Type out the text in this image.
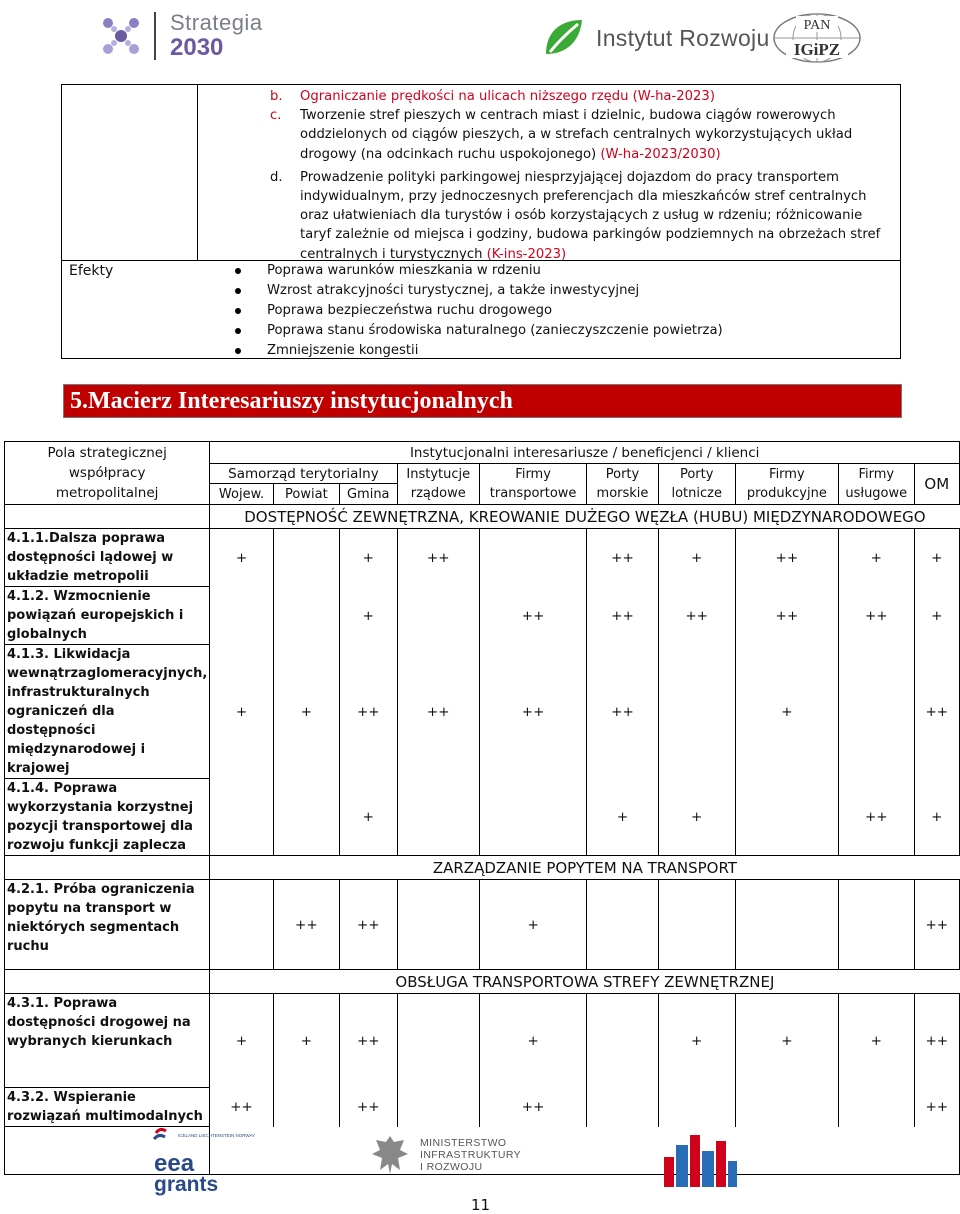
Strategia
2030	Instytut Rozwoju PAN
IGiPZ
b. Ograniczanie prędkości na ulicach niższego rzędu (W-ha-2023)
c. Tworzenie stref pieszych w centrach miast i dzielnic, budowa ciągów rowerowych oddzielonych od ciągów pieszych, a w strefach centralnych wykorzystujących układ drogowy (na odcinkach ruchu uspokojonego) (W-ha-2023/2030)
d. Prowadzenie polityki parkingowej niesprzyjającej dojazdom do pracy transportem indywidualnym, przy jednoczesnych preferencjach dla mieszkańców stref centralnych oraz ułatwieniach dla turystów i osób korzystających z usług w rdzeniu; różnicowanie taryf zależnie od miejsca i godziny, budowa parkingów podziemnych na obrzeżach stref centralnych i turystycznych (K-ins-2023)
Efekty	Poprawa warunków mieszkania w rdzeniu
Wzrost atrakcyjności turystycznej, a także inwestycyjnej
Poprawa bezpieczeństwa ruchu drogowego
Poprawa stanu środowiska naturalnego (zanieczyszczenie powietrza)
Zmniejszenie kongestii
5.Macierz Interesariuszy instytucjonalnych
Pola strategicznej współpracy metropolitalnej	Instytucjonalni interesariusze / beneficjenci / klienci									
	Samorząd terytorialny			Instytucje rządowe	Firmy transportowe	Porty morskie	Porty lotnicze	Firmy produkcyjne	Firmy usługowe	OM
	Wojew.	Powiat	Gmina							
	DOSTĘPNOŚĆ ZEWNĘTRZNA, KREOWANIE DUŻEGO WĘZŁA (HUBU) MIĘDZYNARODOWEGO									
4.1.1.Dalsza poprawa dostępności lądowej w układzie metropolii	+		+	++		++	+	++	+	+
4.1.2. Wzmocnienie powiązań europejskich i globalnych			+		++	++	++	++	++	+
4.1.3. Likwidacja wewnątrzaglomeracyjnych, infrastrukturalnych ograniczeń dla dostępności międzynarodowej i krajowej	+	+	++	++	++	++		+		++
4.1.4. Poprawa wykorzystania korzystnej pozycji transportowej dla rozwoju funkcji zaplecza			+			+	+		++	+
	ZARZĄDZANIE POPYTEM NA TRANSPORT									
4.2.1. Próba ograniczenia popytu na transport w niektórych segmentach ruchu		++	++		+					++
	OBSŁUGA TRANSPORTOWA STREFY ZEWNĘTRZNEJ									
4.3.1. Poprawa dostępności drogowej na wybranych kierunkach	+	+	++		+		+	+	+	++
4.3.2. Wspieranie rozwiązań multimodalnych	++		++		++					++

ICELAND LIECHTENSTEIN NORWAY
eea
grants
MINISTERSTWO
INFRASTRUKTURY
I ROZWOJU
11
